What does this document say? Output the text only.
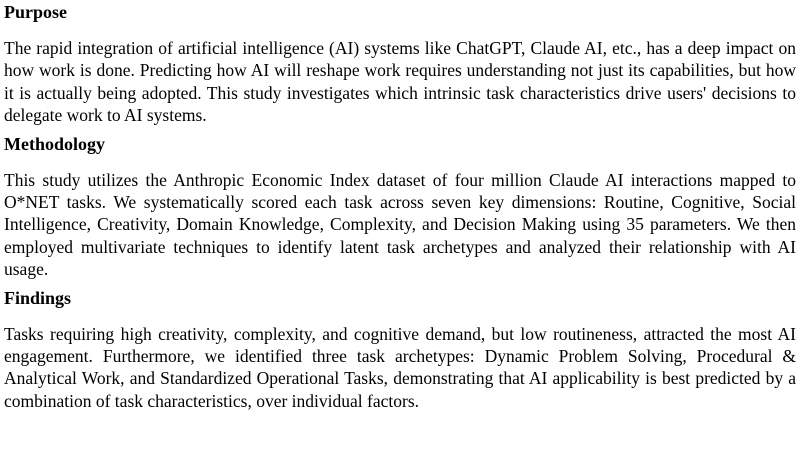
Purpose

The rapid integration of artificial intelligence (AI) systems like ChatGPT, Claude AI, etc., has a deep impact on how work is done. Predicting how AI will reshape work requires understanding not just its capabilities, but how it is actually being adopted. This study investigates which intrinsic task characteristics drive users' decisions to delegate work to AI systems.

Methodology

This study utilizes the Anthropic Economic Index dataset of four million Claude AI interactions mapped to O*NET tasks. We systematically scored each task across seven key dimensions: Routine, Cognitive, Social Intelligence, Creativity, Domain Knowledge, Complexity, and Decision Making using 35 parameters. We then employed multivariate techniques to identify latent task archetypes and analyzed their relationship with AI usage.

Findings

Tasks requiring high creativity, complexity, and cognitive demand, but low routineness, attracted the most AI engagement. Furthermore, we identified three task archetypes: Dynamic Problem Solving, Procedural & Analytical Work, and Standardized Operational Tasks, demonstrating that AI applicability is best predicted by a combination of task characteristics, over individual factors.
